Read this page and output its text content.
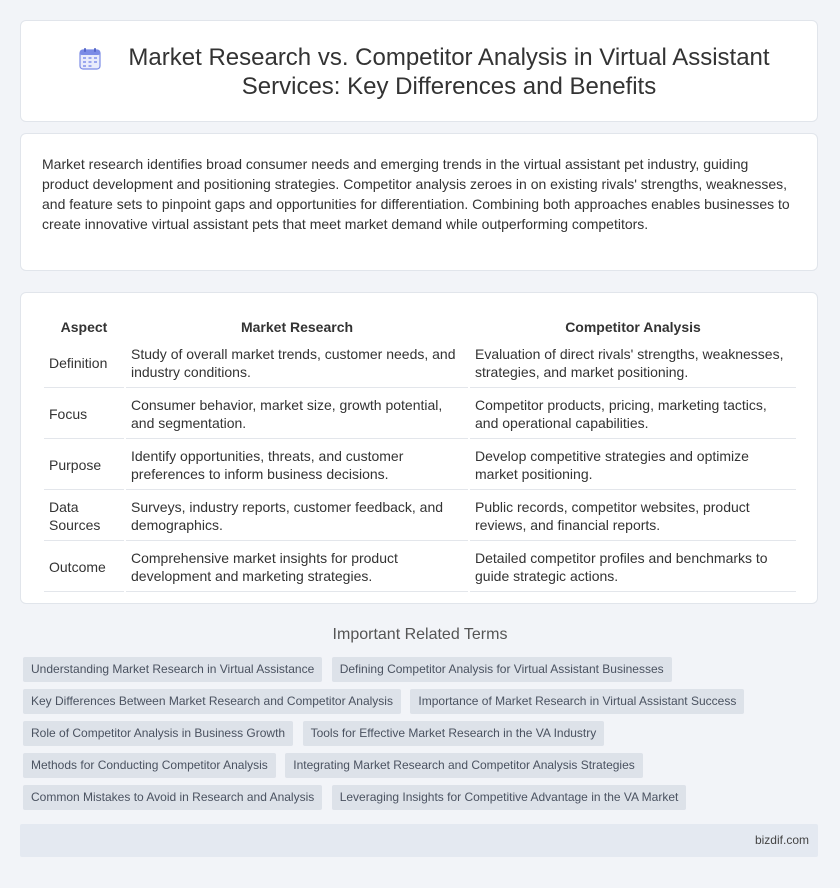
Market Research vs. Competitor Analysis in Virtual Assistant Services: Key Differences and Benefits

Market research identifies broad consumer needs and emerging trends in the virtual assistant pet industry, guiding product development and positioning strategies. Competitor analysis zeroes in on existing rivals' strengths, weaknesses, and feature sets to pinpoint gaps and opportunities for differentiation. Combining both approaches enables businesses to create innovative virtual assistant pets that meet market demand while outperforming competitors.

Aspect	Market Research	Competitor Analysis
Definition	Study of overall market trends, customer needs, and industry conditions.	Evaluation of direct rivals' strengths, weaknesses, strategies, and market positioning.
Focus	Consumer behavior, market size, growth potential, and segmentation.	Competitor products, pricing, marketing tactics, and operational capabilities.
Purpose	Identify opportunities, threats, and customer preferences to inform business decisions.	Develop competitive strategies and optimize market positioning.
Data Sources	Surveys, industry reports, customer feedback, and demographics.	Public records, competitor websites, product reviews, and financial reports.
Outcome	Comprehensive market insights for product development and marketing strategies.	Detailed competitor profiles and benchmarks to guide strategic actions.
Important Related Terms
Understanding Market Research in Virtual Assistance Defining Competitor Analysis for Virtual Assistant Businesses
Key Differences Between Market Research and Competitor Analysis Importance of Market Research in Virtual Assistant Success
Role of Competitor Analysis in Business Growth Tools for Effective Market Research in the VA Industry
Methods for Conducting Competitor Analysis Integrating Market Research and Competitor Analysis Strategies
Common Mistakes to Avoid in Research and Analysis Leveraging Insights for Competitive Advantage in the VA Market
bizdif.com
